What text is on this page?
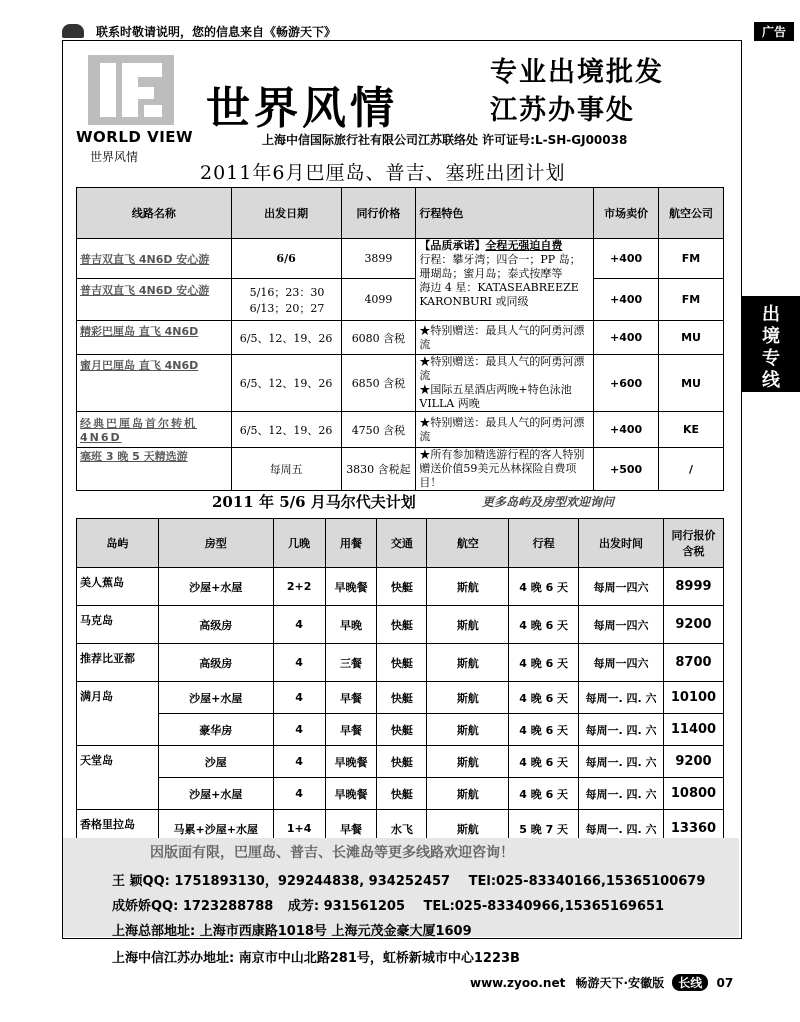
联系时敬请说明，您的信息来自《畅游天下》	广告
出
境
专
线
WORLD VIEW
世界风情
世界风情
专业出境批发
江苏办事处
上海中信国际旅行社有限公司江苏联络处 许可证号:L-SH-GJ00038
2011年6月巴厘岛、普吉、塞班出团计划
线路名称	出发日期	同行价格	行程特色	市场卖价	航空公司
普吉双直飞 4N6D 安心游	6/6	3899	【品质承诺】全程无强迫自费
行程：攀牙湾；四合一；PP 岛；珊瑚岛；蜜月岛；泰式按摩等
海边 4 星：KATASEABREEZE
KARONBURI 或同级	+400	FM
普吉双直飞 4N6D 安心游	5/16；23：30
6/13；20；27	4099		+400	FM
精彩巴厘岛 直飞 4N6D	6/5、12、19、26	6080 含税	★特别赠送：最具人气的阿勇河漂流	+400	MU
蜜月巴厘岛 直飞 4N6D	6/5、12、19、26	6850 含税	★特别赠送：最具人气的阿勇河漂流
★国际五星酒店两晚+特色泳池VILLA 两晚	+600	MU
经典巴厘岛首尔转机 4N6D	6/5、12、19、26	4750 含税	★特别赠送：最具人气的阿勇河漂流	+400	KE
塞班 3 晚 5 天精选游	每周五	3830 含税起	★所有参加精选游行程的客人特别赠送价值59美元丛林探险自费项目！	+500	/
2011 年 5/6 月马尔代夫计划	更多岛屿及房型欢迎询问
岛屿	房型	几晚	用餐	交通	航空	行程	出发时间	同行报价
含税
美人蕉岛	沙屋+水屋	2+2	早晚餐	快艇	斯航	4 晚 6 天	每周一四六	8999
马克岛	高级房	4	早晚	快艇	斯航	4 晚 6 天	每周一四六	9200
推荐比亚都	高级房	4	三餐	快艇	斯航	4 晚 6 天	每周一四六	8700
满月岛	沙屋+水屋	4	早餐	快艇	斯航	4 晚 6 天	每周一. 四. 六	10100
	豪华房	4	早餐	快艇	斯航	4 晚 6 天	每周一. 四. 六	11400
天堂岛	沙屋	4	早晚餐	快艇	斯航	4 晚 6 天	每周一. 四. 六	9200
	沙屋+水屋	4	早晚餐	快艇	斯航	4 晚 6 天	每周一. 四. 六	10800
香格里拉岛	马累+沙屋+水屋	1+4	早餐	水飞	斯航	5 晚 7 天	每周一. 四. 六	13360
因版面有限，巴厘岛、普吉、长滩岛等更多线路欢迎咨询！
王 颖QQ: 1751893130，929244838, 934252457 TEl:025-83340166,15365100679
成娇娇QQ: 1723288788 成芳: 931561205 TEL:025-83340966,15365169651
上海总部地址: 上海市西康路1018号 上海元茂金豪大厦1609
上海中信江苏办地址: 南京市中山北路281号，虹桥新城市中心1223B
www.zyoo.net 畅游天下·安徽版 长线 07
